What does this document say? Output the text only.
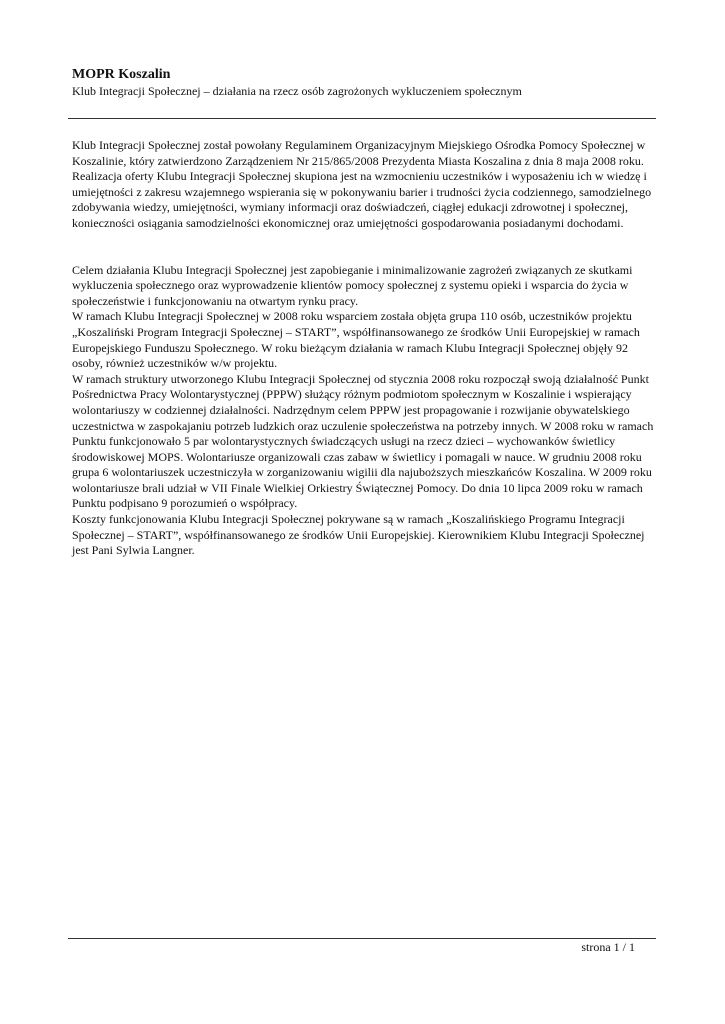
MOPR Koszalin

Klub Integracji Społecznej – działania na rzecz osób zagrożonych wykluczeniem społecznym

Klub Integracji Społecznej został powołany Regulaminem Organizacyjnym Miejskiego Ośrodka Pomocy Społecznej w Koszalinie, który zatwierdzono Zarządzeniem Nr 215/865/2008 Prezydenta Miasta Koszalina z dnia 8 maja 2008 roku. Realizacja oferty Klubu Integracji Społecznej skupiona jest na wzmocnieniu uczestników i wyposażeniu ich w wiedzę i umiejętności z zakresu wzajemnego wspierania się w pokonywaniu barier i trudności życia codziennego, samodzielnego zdobywania wiedzy, umiejętności, wymiany informacji oraz doświadczeń, ciągłej edukacji zdrowotnej i społecznej, konieczności osiągania samodzielności ekonomicznej oraz umiejętności gospodarowania posiadanymi dochodami.

Celem działania Klubu Integracji Społecznej jest zapobieganie i minimalizowanie zagrożeń związanych ze skutkami wykluczenia społecznego oraz wyprowadzenie klientów pomocy społecznej z systemu opieki i wsparcia do życia w społeczeństwie i funkcjonowaniu na otwartym rynku pracy.

W ramach Klubu Integracji Społecznej w 2008 roku wsparciem została objęta grupa 110 osób, uczestników projektu „Koszaliński Program Integracji Społecznej – START”, współfinansowanego ze środków Unii Europejskiej w ramach Europejskiego Funduszu Społecznego. W roku bieżącym działania w ramach Klubu Integracji Społecznej objęły 92 osoby, również uczestników w/w projektu.

W ramach struktury utworzonego Klubu Integracji Społecznej od stycznia 2008 roku rozpoczął swoją działalność Punkt Pośrednictwa Pracy Wolontarystycznej (PPPW) służący różnym podmiotom społecznym w Koszalinie i wspierający wolontariuszy w codziennej działalności. Nadrzędnym celem PPPW jest propagowanie i rozwijanie obywatelskiego uczestnictwa w zaspokajaniu potrzeb ludzkich oraz uczulenie społeczeństwa na potrzeby innych. W 2008 roku w ramach Punktu funkcjonowało 5 par wolontarystycznych świadczących usługi na rzecz dzieci – wychowanków świetlicy środowiskowej MOPS. Wolontariusze organizowali czas zabaw w świetlicy i pomagali w nauce. W grudniu 2008 roku grupa 6 wolontariuszek uczestniczyła w zorganizowaniu wigilii dla najuboższych mieszkańców Koszalina. W 2009 roku wolontariusze brali udział w VII Finale Wielkiej Orkiestry Świątecznej Pomocy. Do dnia 10 lipca 2009 roku w ramach Punktu podpisano 9 porozumień o współpracy.

Koszty funkcjonowania Klubu Integracji Społecznej pokrywane są w ramach „Koszalińskiego Programu Integracji Społecznej – START”, współfinansowanego ze środków Unii Europejskiej. Kierownikiem Klubu Integracji Społecznej jest Pani Sylwia Langner.

strona 1 / 1
